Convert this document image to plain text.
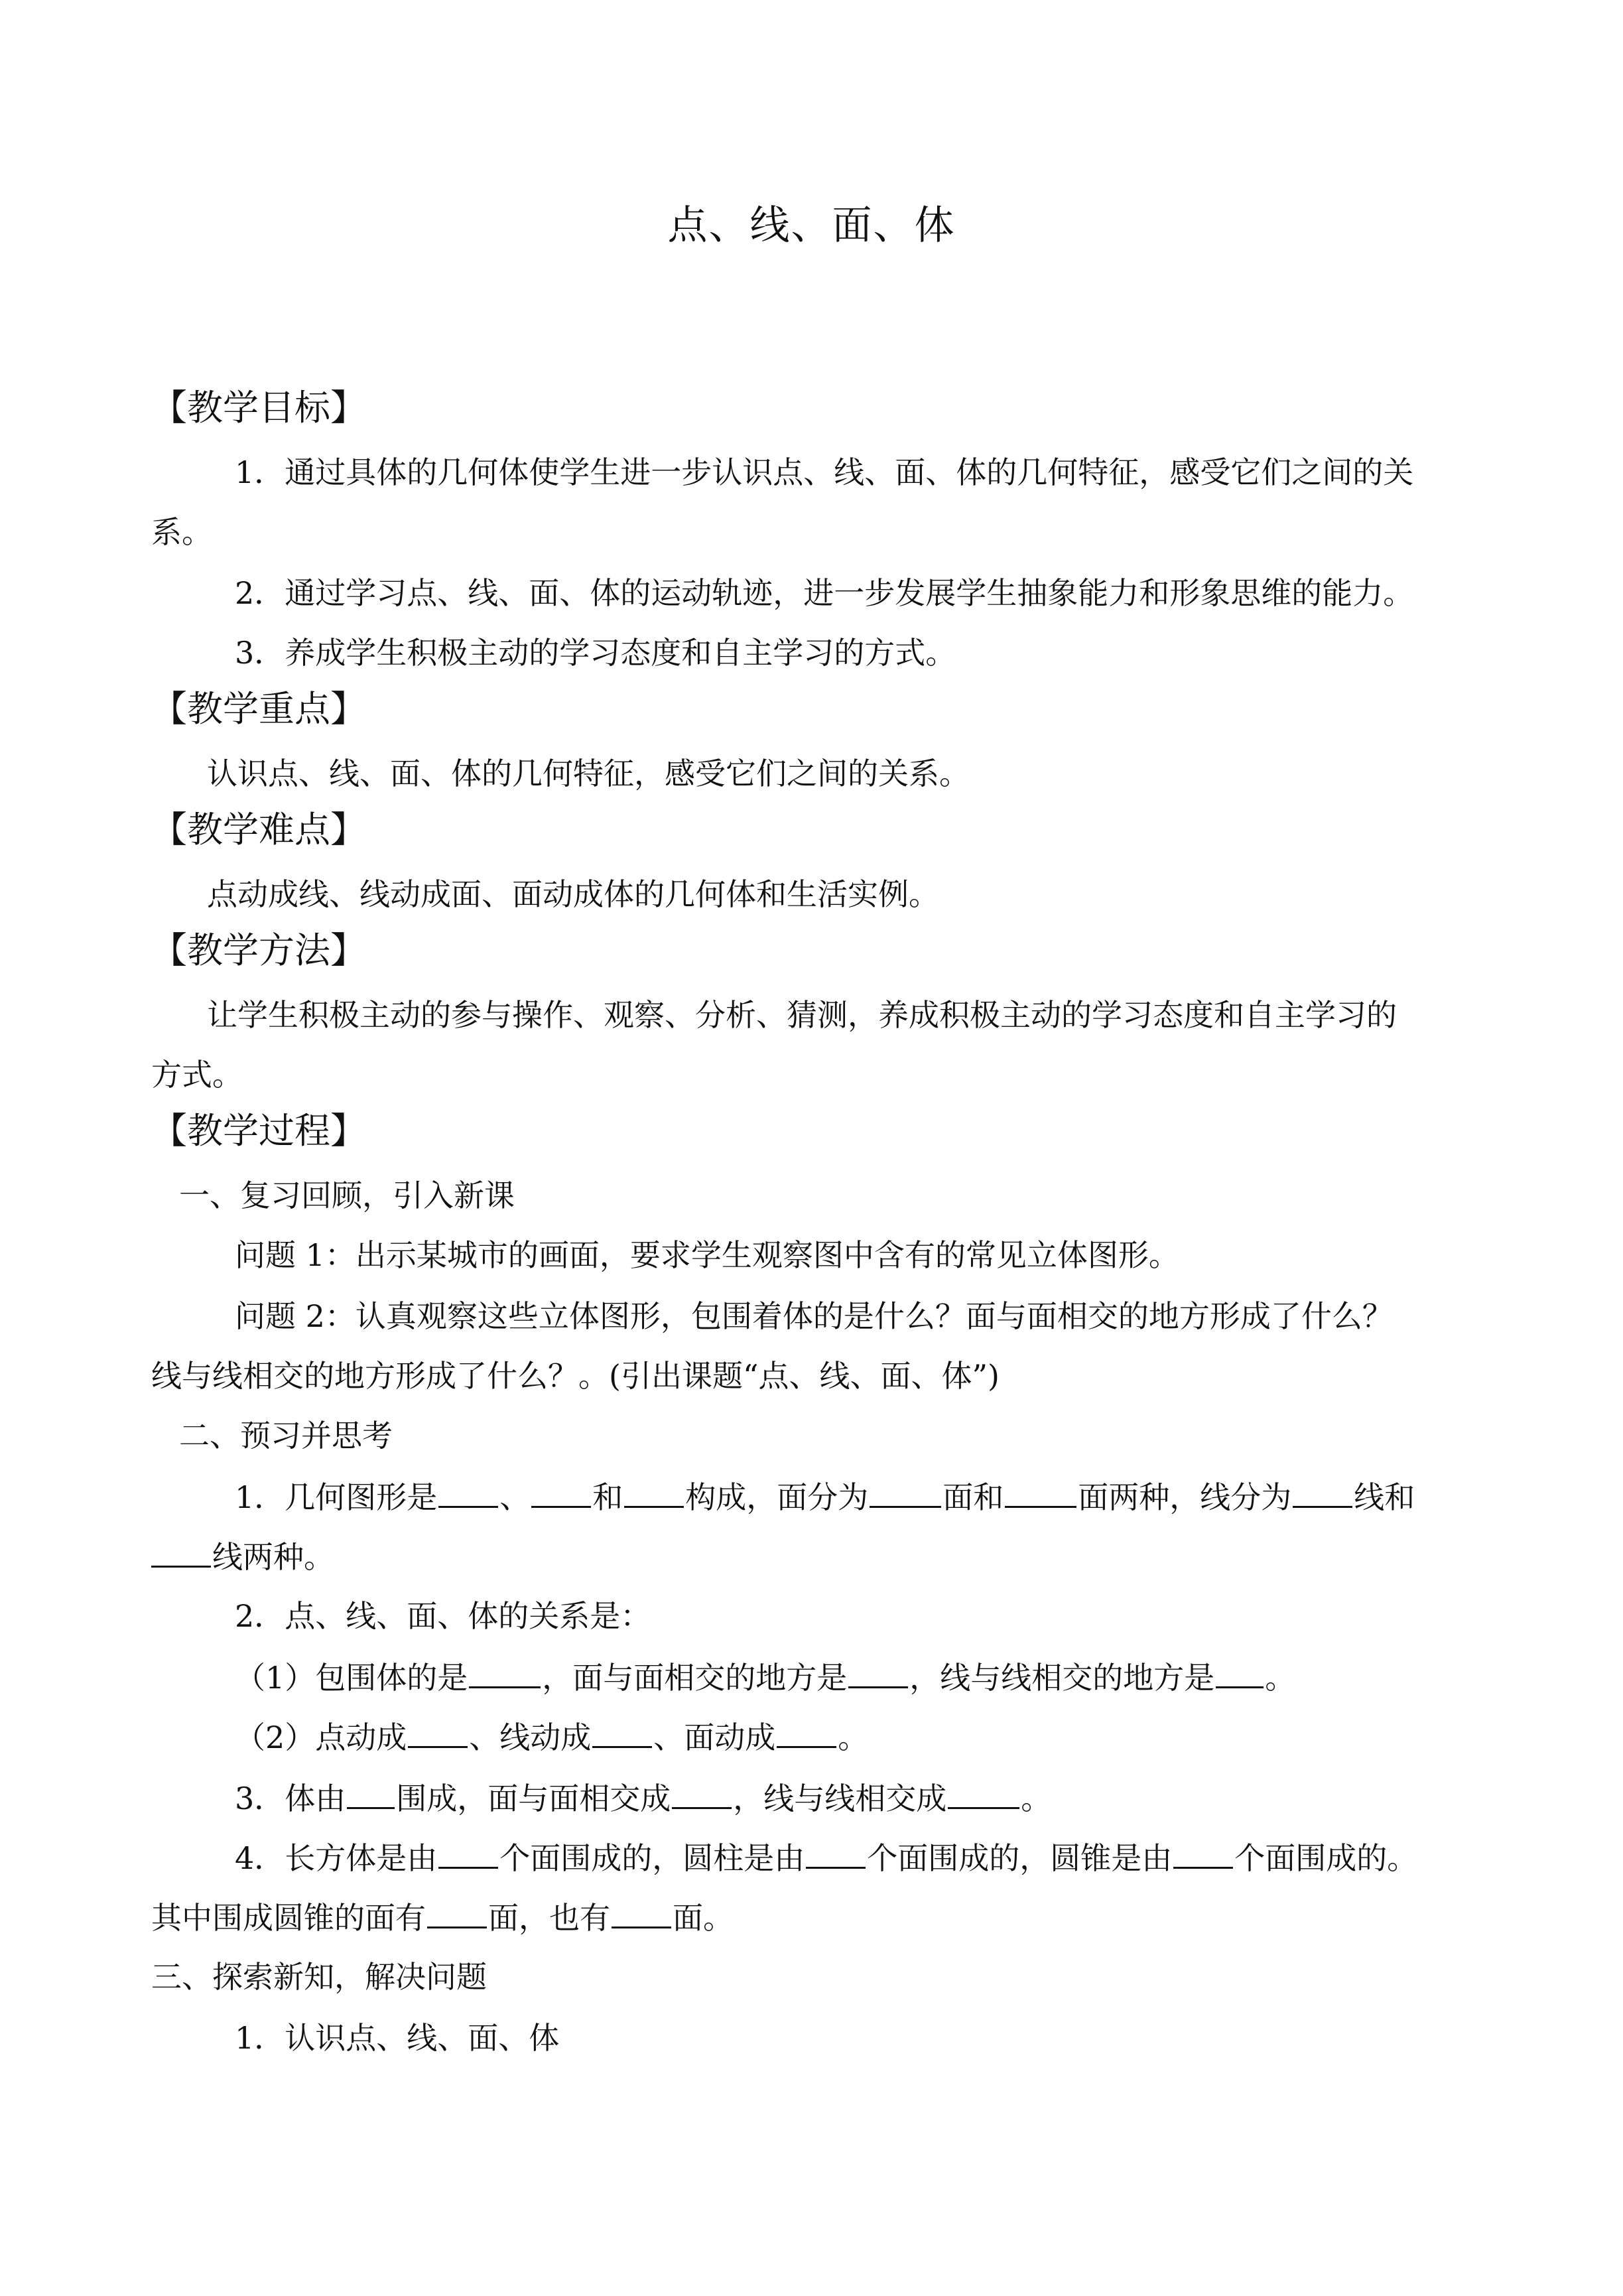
点、线、面、体
【教学目标】
1．通过具体的几何体使学生进一步认识点、线、面、体的几何特征，感受它们之间的关
系。
2．通过学习点、线、面、体的运动轨迹，进一步发展学生抽象能力和形象思维的能力。
3．养成学生积极主动的学习态度和自主学习的方式。
【教学重点】
认识点、线、面、体的几何特征，感受它们之间的关系。
【教学难点】
点动成线、线动成面、面动成体的几何体和生活实例。
【教学方法】
让学生积极主动的参与操作、观察、分析、猜测，养成积极主动的学习态度和自主学习的
方式。
【教学过程】
一、复习回顾，引入新课
问题 1：出示某城市的画面，要求学生观察图中含有的常见立体图形。
问题 2：认真观察这些立体图形，包围着体的是什么？面与面相交的地方形成了什么？
线与线相交的地方形成了什么？。(引出课题“点、线、面、体”)
二、预习并思考
1．几何图形是 、 和 构成，面分为 面和 面两种，线分为 线和
线两种。
2．点、线、面、体的关系是：
（1）包围体的是 ，面与面相交的地方是 ，线与线相交的地方是 。
（2）点动成 、线动成 、面动成 。
3．体由 围成，面与面相交成 ，线与线相交成 。
4．长方体是由 个面围成的，圆柱是由 个面围成的，圆锥是由 个面围成的。
其中围成圆锥的面有 面，也有 面。
三、探索新知，解决问题
1．认识点、线、面、体
